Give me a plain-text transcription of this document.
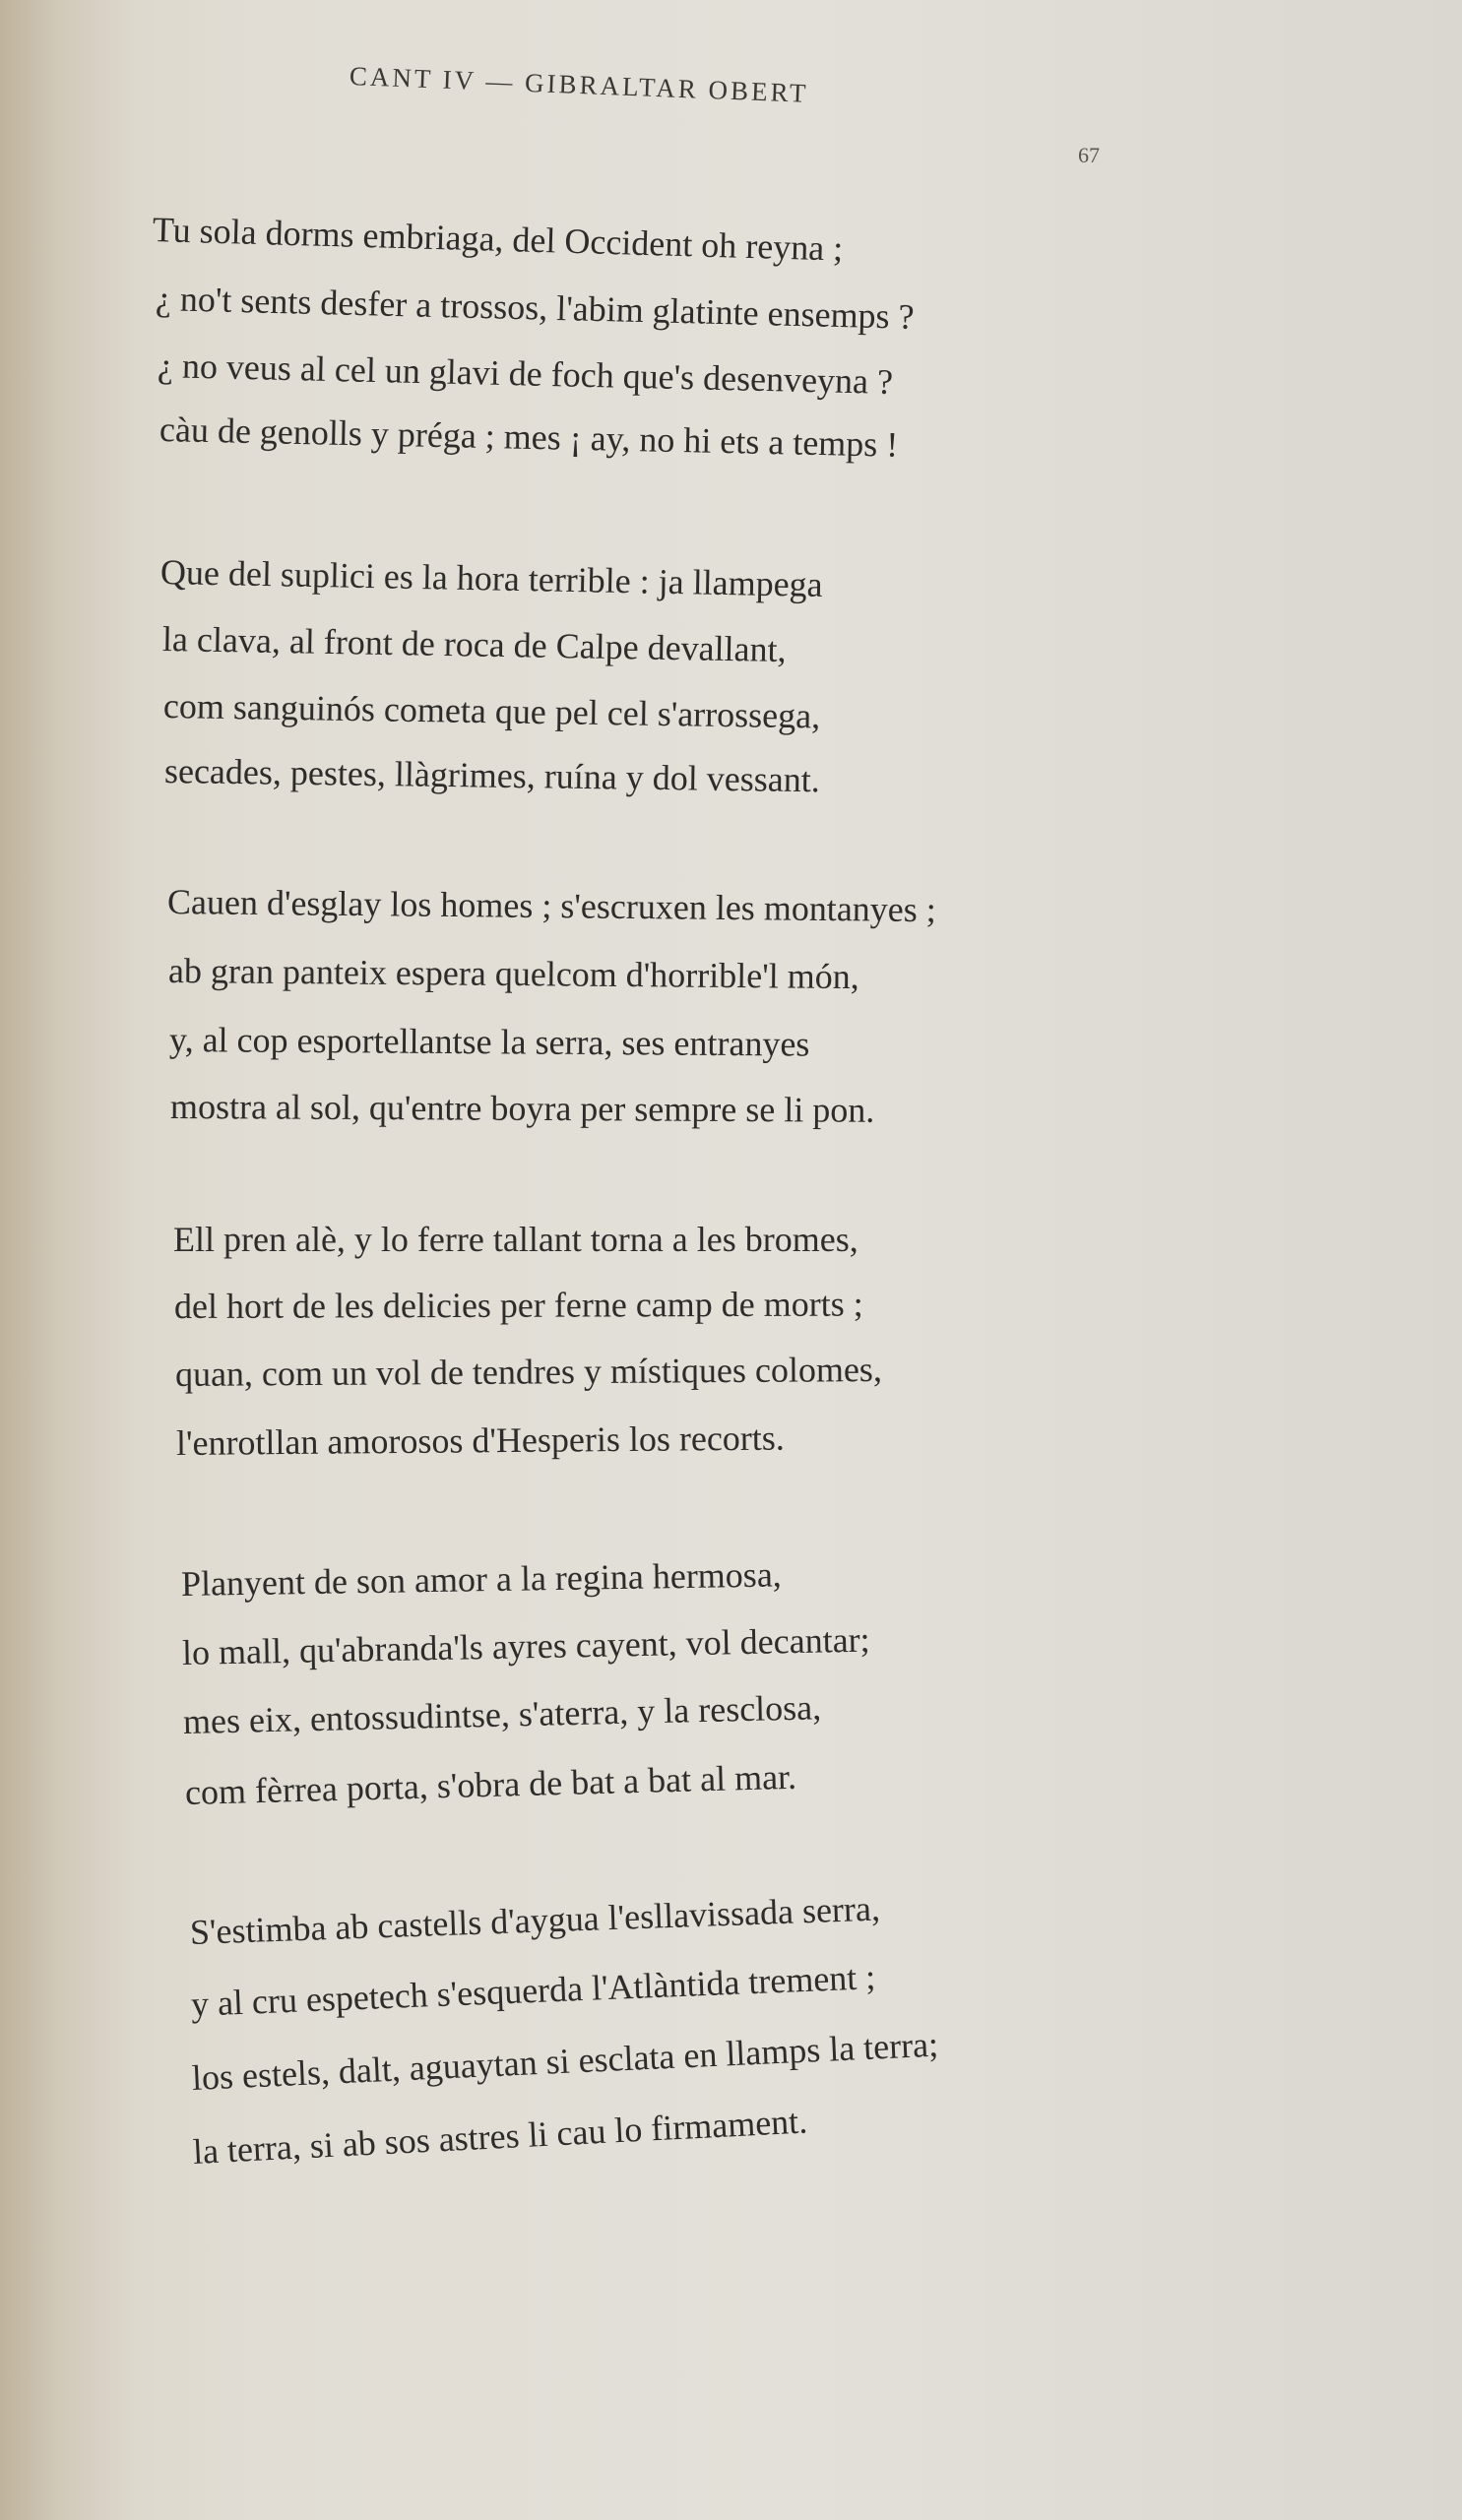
CANT IV — GIBRALTAR OBERT
67
Tu sola dorms embriaga, del Occident oh reyna ;
¿ no't sents desfer a trossos, l'abim glatinte ensemps ?
¿ no veus al cel un glavi de foch que's desenveyna ?
càu de genolls y préga ; mes ¡ ay, no hi ets a temps !
Que del suplici es la hora terrible : ja llampega
la clava, al front de roca de Calpe devallant,
com sanguinós cometa que pel cel s'arrossega,
secades, pestes, llàgrimes, ruína y dol vessant.
Cauen d'esglay los homes ; s'escruxen les montanyes ;
ab gran panteix espera quelcom d'horrible'l món,
y, al cop esportellantse la serra, ses entranyes
mostra al sol, qu'entre boyra per sempre se li pon.
Ell pren alè, y lo ferre tallant torna a les bromes,
del hort de les delicies per ferne camp de morts ;
quan, com un vol de tendres y místiques colomes,
l'enrotllan amorosos d'Hesperis los recorts.
Planyent de son amor a la regina hermosa,
lo mall, qu'abranda'ls ayres cayent, vol decantar;
mes eix, entossudintse, s'aterra, y la resclosa,
com fèrrea porta, s'obra de bat a bat al mar.
S'estimba ab castells d'aygua l'esllavissada serra,
y al cru espetech s'esquerda l'Atlàntida trement ;
los estels, dalt, aguaytan si esclata en llamps la terra;
la terra, si ab sos astres li cau lo firmament.
